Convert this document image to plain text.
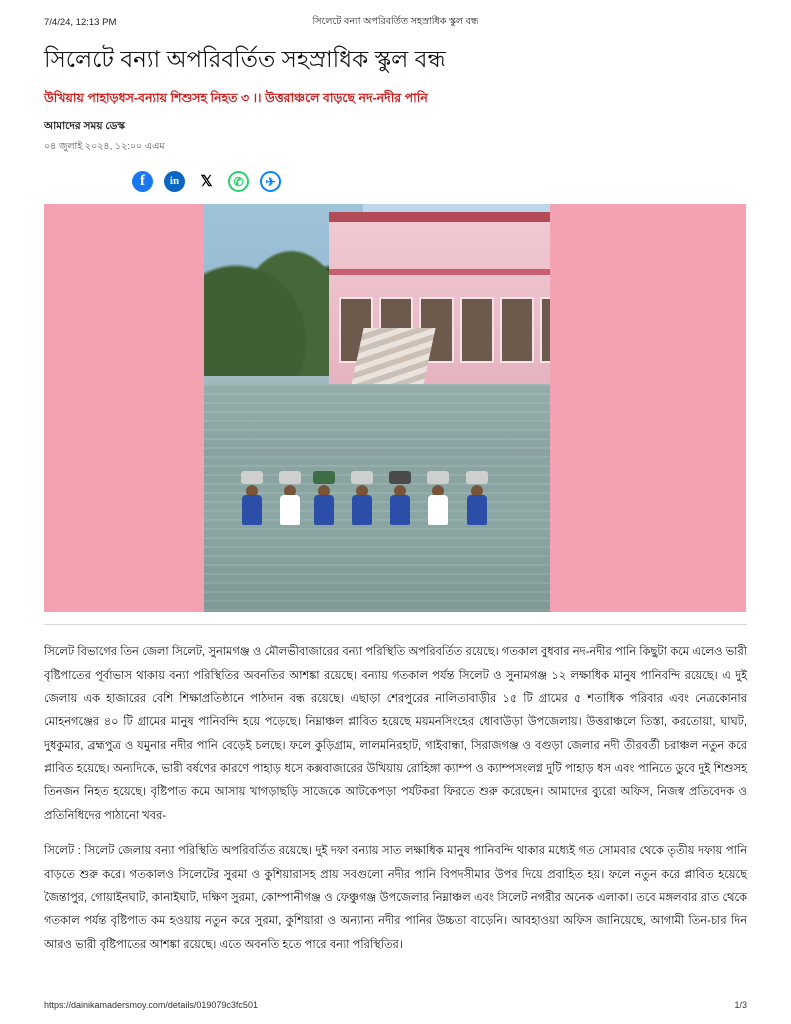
7/4/24, 12:13 PM	সিলেটে বন্যা অপরিবর্তিত সহস্রাধিক স্কুল বন্ধ
সিলেটে বন্যা অপরিবর্তিত সহস্রাধিক স্কুল বন্ধ
উখিয়ায় পাহাড়ধস-বন্যায় শিশুসহ নিহত ৩ ।। উত্তরাঞ্চলে বাড়ছে নদ-নদীর পানি
আমাদের সময় ডেস্ক
০৪ জুলাই ২০২৪, ১২:০০ এএম
f	in	𝕏	✆	✈

সিলেট বিভাগের তিন জেলা সিলেট, সুনামগঞ্জ ও মৌলভীবাজারের বন্যা পরিস্থিতি অপরিবর্তিত রয়েছে। গতকাল বুধবার নদ-নদীর পানি কিছুটা কমে এলেও ভারী বৃষ্টিপাতের পূর্বাভাস থাকায় বন্যা পরিস্থিতির অবনতির আশঙ্কা রয়েছে। বন্যায় গতকাল পর্যন্ত সিলেট ও সুনামগঞ্জ ১২ লক্ষাধিক মানুষ পানিবন্দি রয়েছে। এ দুই জেলায় এক হাজারের বেশি শিক্ষাপ্রতিষ্ঠানে পাঠদান বন্ধ রয়েছে। এছাড়া শেরপুরের নালিতাবাড়ীর ১৫ টি গ্রামের ৫ শতাধিক পরিবার এবং নেত্রকোনার মোহনগঞ্জের ৪০ টি গ্রামের মানুষ পানিবন্দি হয়ে পড়েছে। নিম্নাঞ্চল প্লাবিত হয়েছে ময়মনসিংহের ধোবাউড়া উপজেলায়। উত্তরাঞ্চলে তিস্তা, করতোয়া, ঘাঘট, দুধকুমার, ব্রহ্মপুত্র ও যমুনার নদীর পানি বেড়েই চলছে। ফলে কুড়িগ্রাম, লালমনিরহাট, গাইবান্ধা, সিরাজগঞ্জ ও বগুড়া জেলার নদী তীরবর্তী চরাঞ্চল নতুন করে প্লাবিত হয়েছে। অন্যদিকে, ভারী বর্ষণের কারণে পাহাড় ধসে কক্সবাজারের উখিয়ায় রোহিঙ্গা ক্যাম্প ও ক্যাম্পসংলগ্ন দুটি পাহাড় ধস এবং পানিতে ডুবে দুই শিশুসহ তিনজন নিহত হয়েছে। বৃষ্টিপাত কমে আসায় খাগড়াছড়ি সাজেকে আটকেপড়া পর্যটকরা ফিরতে শুরু করেছেন। আমাদের ব্যুরো অফিস, নিজস্ব প্রতিবেদক ও প্রতিনিধিদের পাঠানো খবর-

সিলেট : সিলেট জেলায় বন্যা পরিস্থিতি অপরিবর্তিত রয়েছে। দুই দফা বন্যায় সাত লক্ষাধিক মানুষ পানিবন্দি থাকার মধ্যেই গত সোমবার থেকে তৃতীয় দফায় পানি বাড়তে শুরু করে। গতকালও সিলেটের সুরমা ও কুশিয়ারাসহ প্রায় সবগুলো নদীর পানি বিপদসীমার উপর দিয়ে প্রবাহিত হয়। ফলে নতুন করে প্লাবিত হয়েছে জৈন্তাপুর, গোয়াইনঘাট, কানাইঘাট, দক্ষিণ সুরমা, কোম্পানীগঞ্জ ও ফেঞ্চুগঞ্জ উপজেলার নিম্নাঞ্চল এবং সিলেট নগরীর অনেক এলাকা। তবে মঙ্গলবার রাত থেকে গতকাল পর্যন্ত বৃষ্টিপাত কম হওয়ায় নতুন করে সুরমা, কুশিয়ারা ও অন্যান্য নদীর পানির উচ্চতা বাড়েনি। আবহাওয়া অফিস জানিয়েছে, আগামী তিন-চার দিন আরও ভারী বৃষ্টিপাতের আশঙ্কা রয়েছে। এতে অবনতি হতে পারে বন্যা পরিস্থিতির।

https://dainikamadersmoy.com/details/019079c3fc501	1/3
